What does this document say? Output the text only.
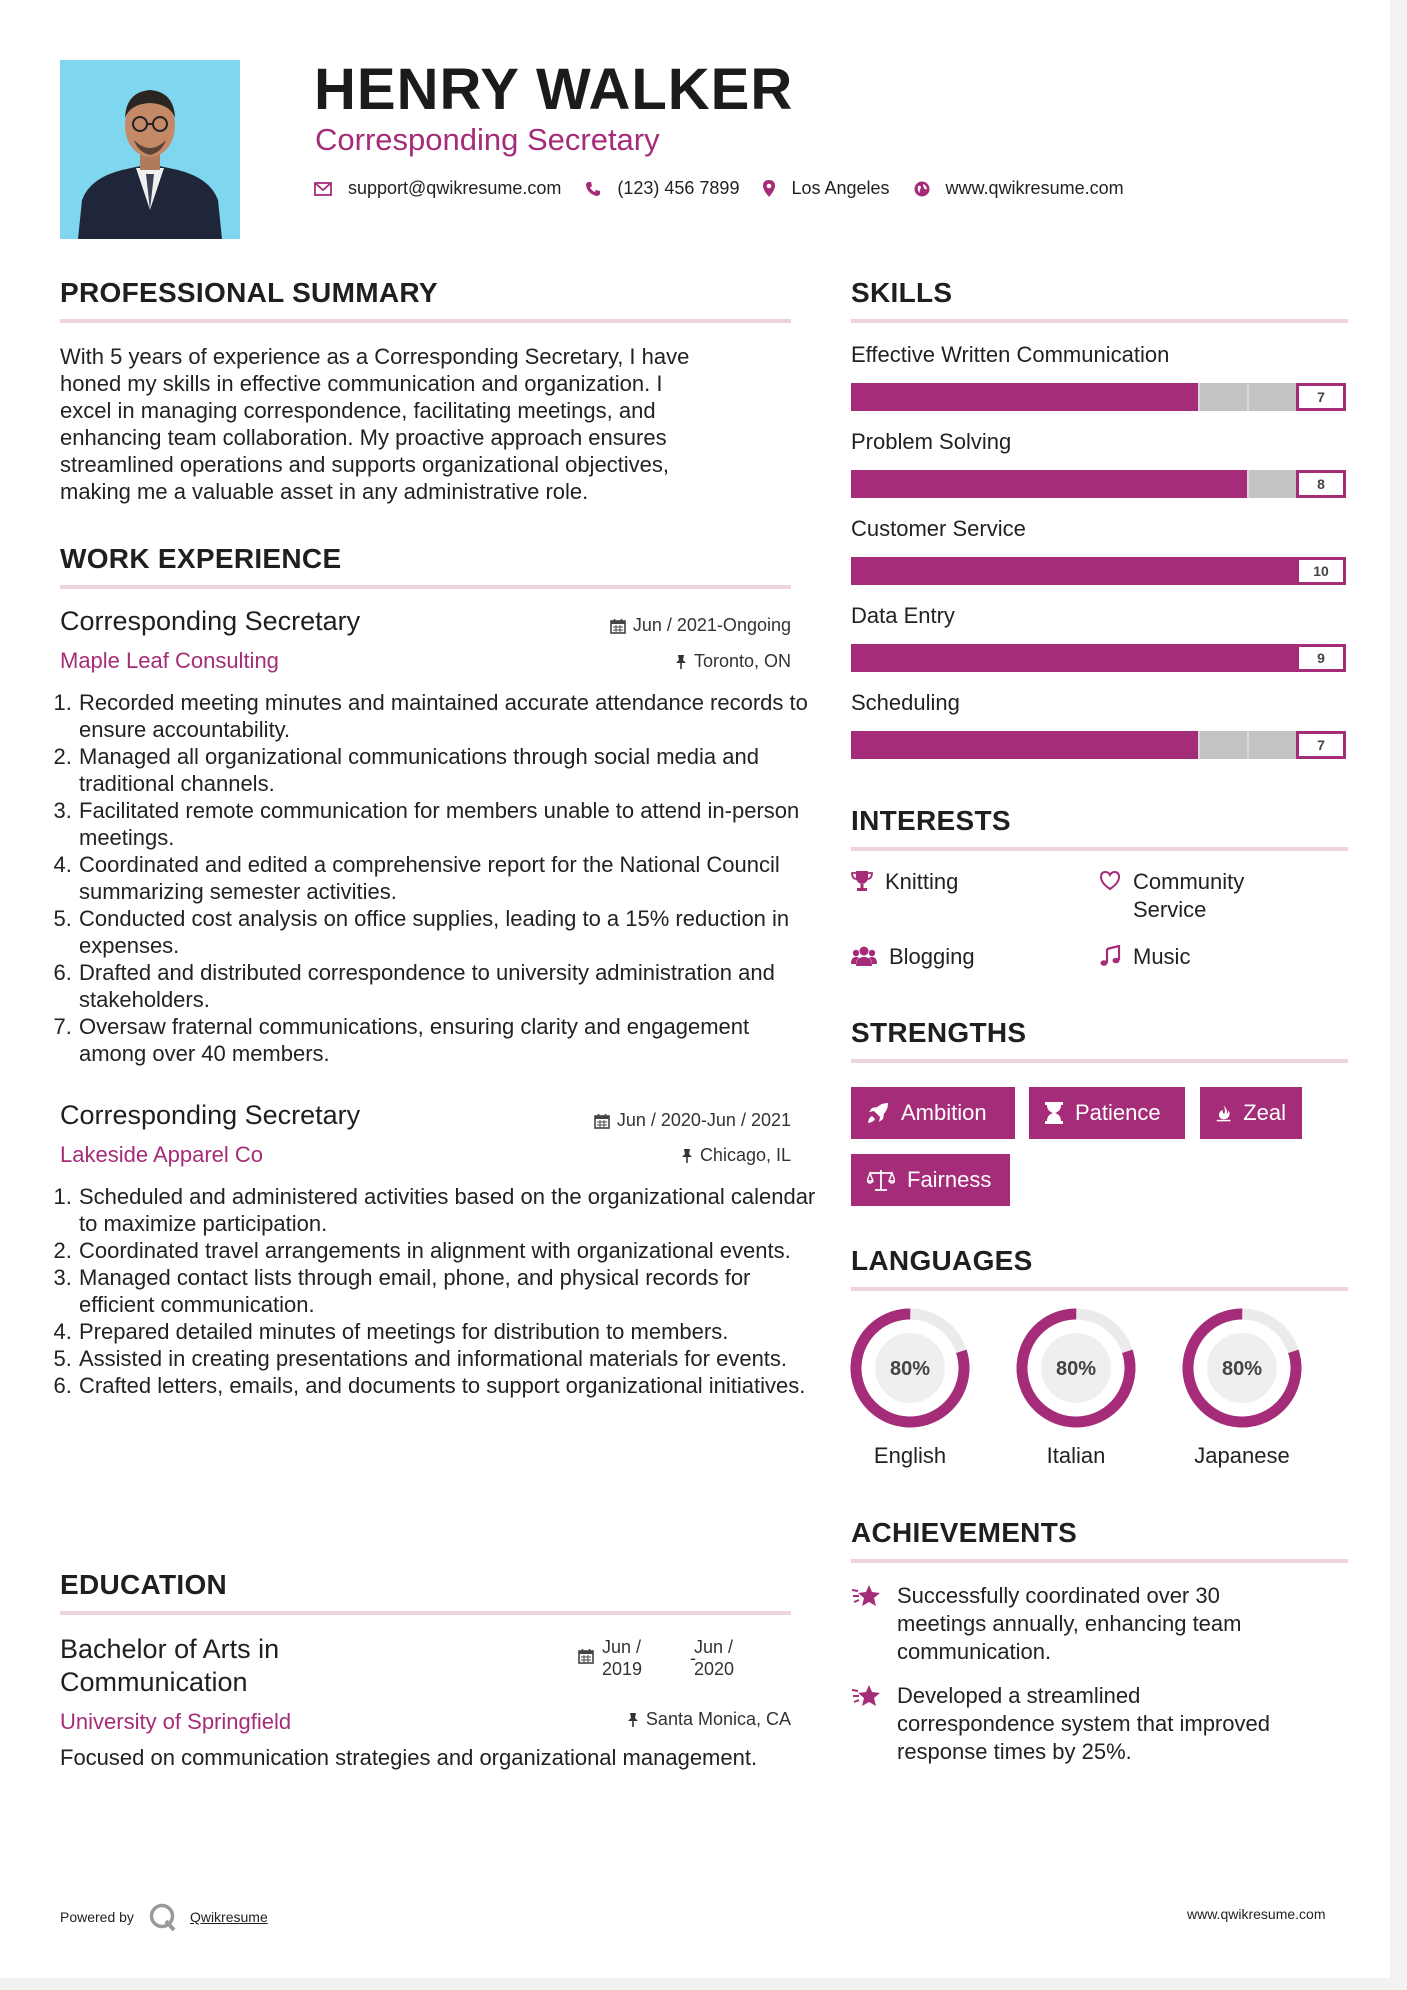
HENRY WALKER
Corresponding Secretary
support@qwikresume.com	(123) 456 7899	Los Angeles	www.qwikresume.com
PROFESSIONAL SUMMARY
With 5 years of experience as a Corresponding Secretary, I have
honed my skills in effective communication and organization. I
excel in managing correspondence, facilitating meetings, and
enhancing team collaboration. My proactive approach ensures
streamlined operations and supports organizational objectives,
making me a valuable asset in any administrative role.
WORK EXPERIENCE
Corresponding Secretary	Jun / 2021-Ongoing
Maple Leaf Consulting	Toronto, ON
1. Recorded meeting minutes and maintained accurate attendance records to ensure accountability.
2. Managed all organizational communications through social media and traditional channels.
3. Facilitated remote communication for members unable to attend in-person meetings.
4. Coordinated and edited a comprehensive report for the National Council summarizing semester activities.
5. Conducted cost analysis on office supplies, leading to a 15% reduction in expenses.
6. Drafted and distributed correspondence to university administration and stakeholders.
7. Oversaw fraternal communications, ensuring clarity and engagement among over 40 members.
Corresponding Secretary	Jun / 2020-Jun / 2021
Lakeside Apparel Co	Chicago, IL
1. Scheduled and administered activities based on the organizational calendar to maximize participation.
2. Coordinated travel arrangements in alignment with organizational events.
3. Managed contact lists through email, phone, and physical records for efficient communication.
4. Prepared detailed minutes of meetings for distribution to members.
5. Assisted in creating presentations and informational materials for events.
6. Crafted letters, emails, and documents to support organizational initiatives.
EDUCATION
Bachelor of Arts in
Communication
Jun /
2019
-
Jun /
2020
University of Springfield	Santa Monica, CA
Focused on communication strategies and organizational management.
SKILLS
Effective Written Communication
7
Problem Solving
8
Customer Service
10
Data Entry
9
Scheduling
7
INTERESTS
Knitting	Community
Service
Blogging	Music
STRENGTHS
Ambition	Patience	Zeal
Fairness
LANGUAGES
80%
English
80%
Italian
80%
Japanese
ACHIEVEMENTS
Successfully coordinated over 30
meetings annually, enhancing team
communication.
Developed a streamlined
correspondence system that improved
response times by 25%.
Powered by	Qwikresume	www.qwikresume.com
